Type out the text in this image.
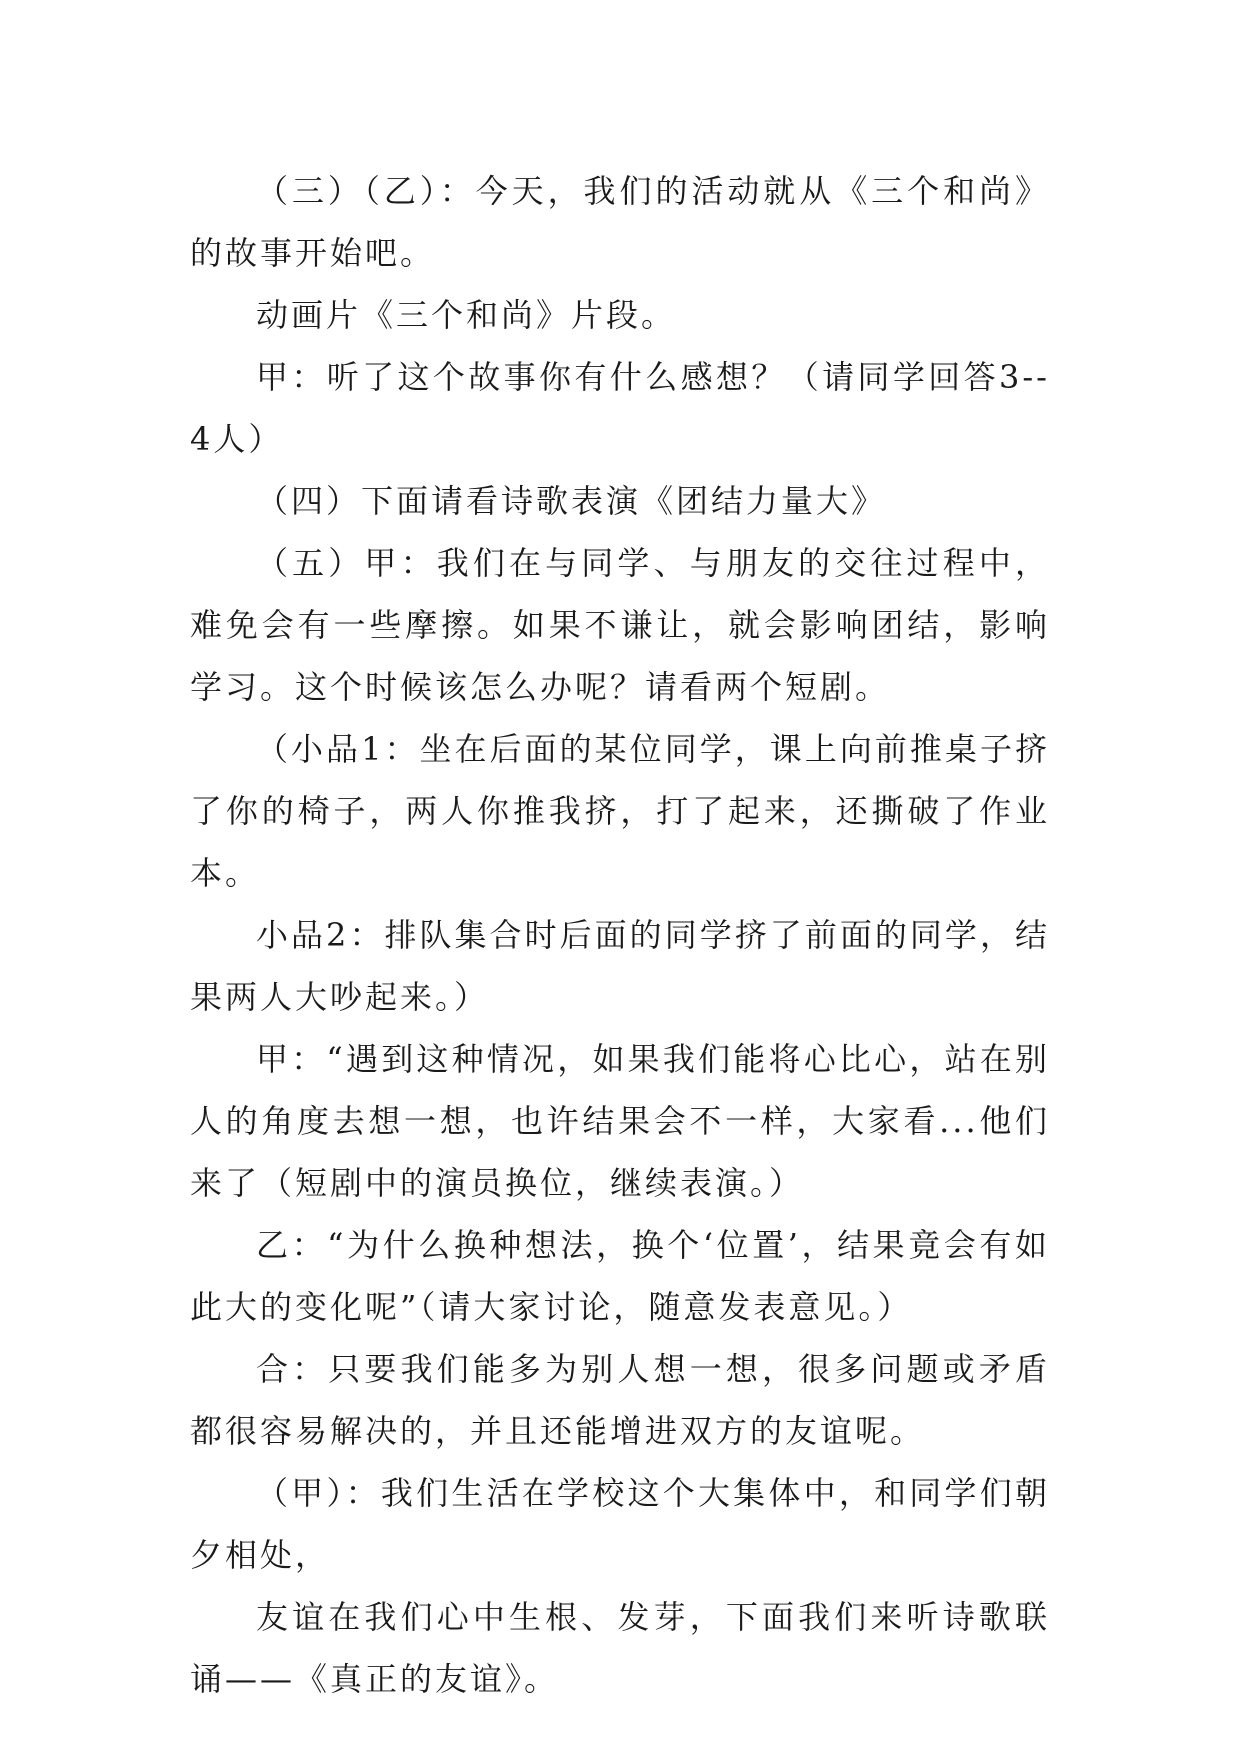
（三）（乙）：今天，我们的活动就从《三个和尚》的故事开始吧。

动画片《三个和尚》片段。

甲：听了这个故事你有什么感想？（请同学回答3--4人）

（四）下面请看诗歌表演《团结力量大》

（五）甲：我们在与同学、与朋友的交往过程中，难免会有一些摩擦。如果不谦让，就会影响团结，影响学习。这个时候该怎么办呢？请看两个短剧。

（小品1：坐在后面的某位同学，课上向前推桌子挤了你的椅子，两人你推我挤，打了起来，还撕破了作业本。

小品2：排队集合时后面的同学挤了前面的同学，结果两人大吵起来。）

甲：“遇到这种情况，如果我们能将心比心，站在别人的角度去想一想，也许结果会不一样，大家看...他们来了（短剧中的演员换位，继续表演。）

乙：“为什么换种想法，换个‘位置’，结果竟会有如此大的变化呢”（请大家讨论，随意发表意见。）

合：只要我们能多为别人想一想，很多问题或矛盾都很容易解决的，并且还能增进双方的友谊呢。

（甲）：我们生活在学校这个大集体中，和同学们朝夕相处，

友谊在我们心中生根、发芽，下面我们来听诗歌联诵——《真正的友谊》。
